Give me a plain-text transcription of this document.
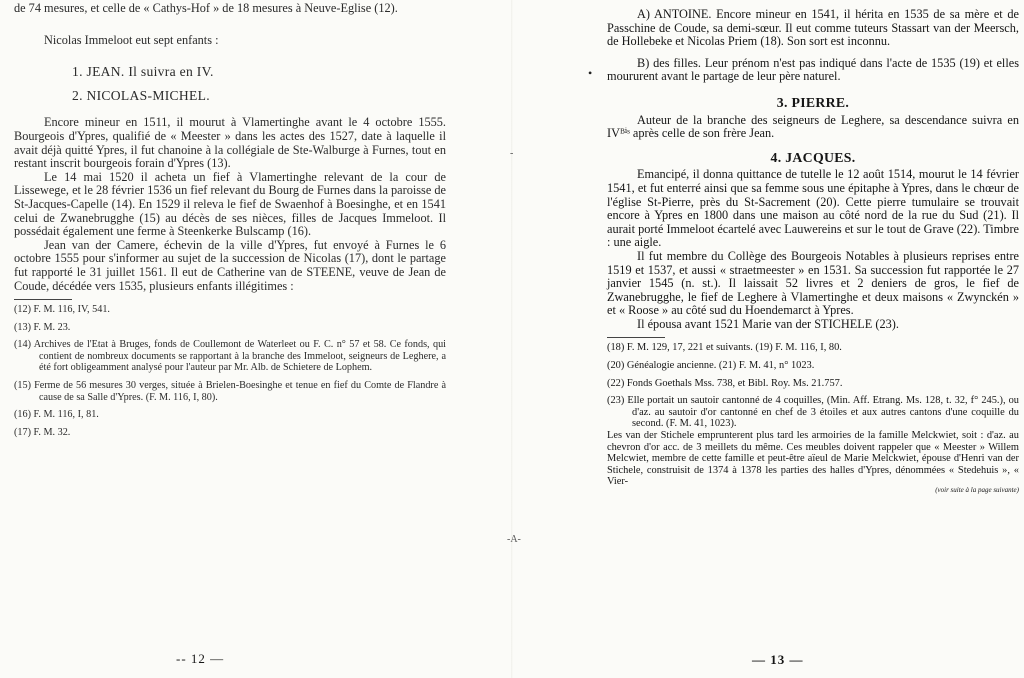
de 74 mesures, et celle de « Cathys-Hof » de 18 mesures à Neuve-Eglise (12).

Nicolas Immeloot eut sept enfants :

1. JEAN. Il suivra en IV.

2. NICOLAS-MICHEL.

Encore mineur en 1511, il mourut à Vlamertinghe avant le 4 octobre 1555. Bourgeois d'Ypres, qualifié de « Meester » dans les actes des 1527, date à laquelle il avait déjà quitté Ypres, il fut chanoine à la collégiale de Ste-Walburge à Furnes, tout en restant inscrit bourgeois forain d'Ypres (13).

Le 14 mai 1520 il acheta un fief à Vlamertinghe relevant de la cour de Lissewege, et le 28 février 1536 un fief relevant du Bourg de Furnes dans la paroisse de St-Jacques-Capelle (14). En 1529 il releva le fief de Swaenhof à Boesinghe, et en 1541 celui de Zwanebrugghe (15) au décès de ses nièces, filles de Jacques Immeloot. Il possédait également une ferme à Steenkerke Bulscamp (16).

Jean van der Camere, échevin de la ville d'Ypres, fut envoyé à Furnes le 6 octobre 1555 pour s'informer au sujet de la succession de Nicolas (17), dont le partage fut rapporté le 31 juillet 1561. Il eut de Catherine van de STEENE, veuve de Jean de Coude, décédée vers 1535, plusieurs enfants illégitimes :

(12) F. M. 116, IV, 541.

(13) F. M. 23.

(14) Archives de l'Etat à Bruges, fonds de Coullemont de Waterleet ou F. C. n° 57 et 58. Ce fonds, qui contient de nombreux documents se rapportant à la branche des Immeloot, seigneurs de Leghere, a été fort obligeamment analysé pour l'auteur par Mr. Alb. de Schietere de Lophem.

(15) Ferme de 56 mesures 30 verges, située à Brielen-Boesinghe et tenue en fief du Comte de Flandre à cause de sa Salle d'Ypres. (F. M. 116, I, 80).

(16) F. M. 116, I, 81.

(17) F. M. 32.

-- 12 —
-
-A-

A) ANTOINE. Encore mineur en 1541, il hérita en 1535 de sa mère et de Passchine de Coude, sa demi-sœur. Il eut comme tuteurs Stassart van der Meersch, de Hollebeke et Nicolas Priem (18). Son sort est inconnu.

B) des filles. Leur prénom n'est pas indiqué dans l'acte de 1535 (19) et elles moururent avant le partage de leur père naturel.

3. PIERRE.

Auteur de la branche des seigneurs de Leghere, sa descendance suivra en IVᴮⁱˢ après celle de son frère Jean.

4. JACQUES.

Emancipé, il donna quittance de tutelle le 12 août 1514, mourut le 14 février 1541, et fut enterré ainsi que sa femme sous une épitaphe à Ypres, dans le chœur de l'église St-Pierre, près du St-Sacrement (20). Cette pierre tumulaire se trouvait encore à Ypres en 1800 dans une maison au côté nord de la rue du Sud (21). Il aurait porté Immeloot écartelé avec Lauwereins et sur le tout de Grave (22). Timbre : une aigle.

Il fut membre du Collège des Bourgeois Notables à plusieurs reprises entre 1519 et 1537, et aussi « straetmeester » en 1531. Sa succession fut rapportée le 27 janvier 1545 (n. st.). Il laissait 52 livres et 2 deniers de gros, le fief de Zwanebrugghe, le fief de Leghere à Vlamertinghe et deux maisons « Zwynckén » et « Roose » au côté sud du Hoendemarct à Ypres.

Il épousa avant 1521 Marie van der STICHELE (23).

(18) F. M. 129, 17, 221 et suivants. (19) F. M. 116, I, 80.

(20) Généalogie ancienne. (21) F. M. 41, n° 1023.

(22) Fonds Goethals Mss. 738, et Bibl. Roy. Ms. 21.757.

(23) Elle portait un sautoir cantonné de 4 coquilles, (Min. Aff. Etrang. Ms. 128, t. 32, f° 245.), ou d'az. au sautoir d'or cantonné en chef de 3 étoiles et aux autres cantons d'une coquille du second. (F. M. 41, 1023).

Les van der Stichele emprunterent plus tard les armoiries de la famille Melckwiet, soit : d'az. au chevron d'or acc. de 3 meillets du même. Ces meubles doivent rappeler que « Meester » Willem Melcwiet, membre de cette famille et peut-être aïeul de Marie Melckwiet, épouse d'Henri van der Stichele, construisit de 1374 à 1378 les parties des halles d'Ypres, dénommées « Stedehuis », « Vier-

(voir suite à la page suivante)

— 13 —
•
